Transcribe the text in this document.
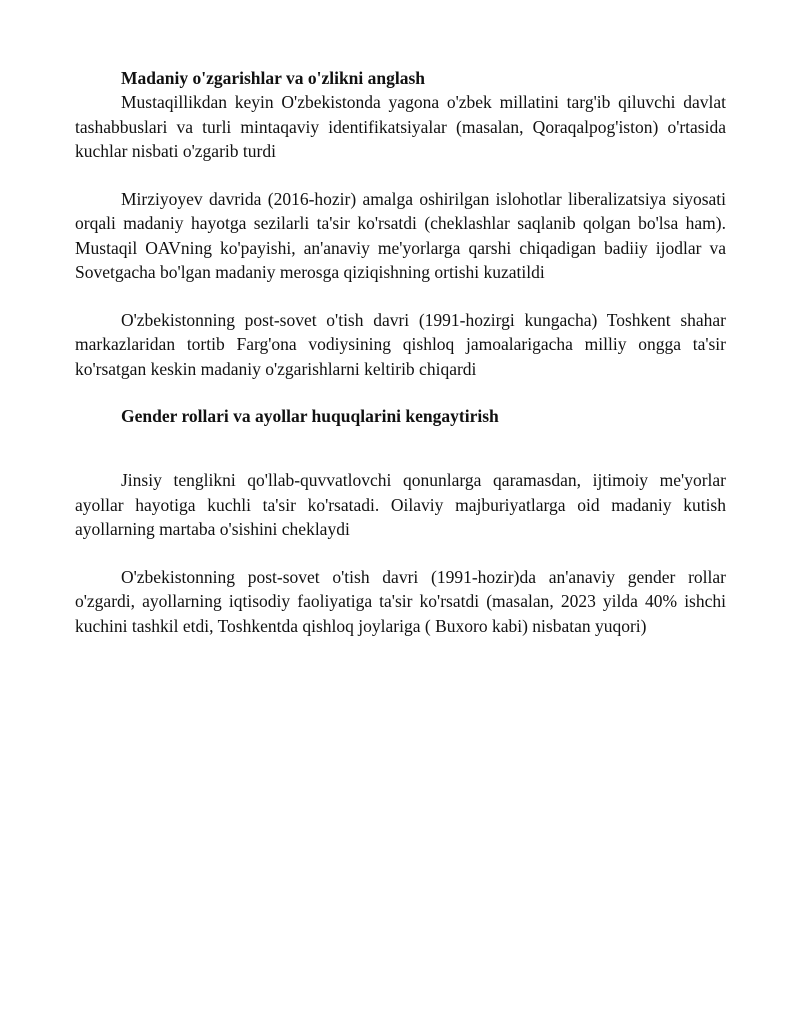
Madaniy o'zgarishlar va o'zlikni anglash

Mustaqillikdan keyin O'zbekistonda yagona o'zbek millatini targ'ib qiluvchi davlat tashabbuslari va turli mintaqaviy identifikatsiyalar (masalan, Qoraqalpog'iston) o'rtasida kuchlar nisbati o'zgarib turdi

Mirziyoyev davrida (2016-hozir) amalga oshirilgan islohotlar liberalizatsiya siyosati orqali madaniy hayotga sezilarli ta'sir ko'rsatdi (cheklashlar saqlanib qolgan bo'lsa ham). Mustaqil OAVning ko'payishi, an'anaviy me'yorlarga qarshi chiqadigan badiiy ijodlar va Sovetgacha bo'lgan madaniy merosga qiziqishning ortishi kuzatildi

O'zbekistonning post-sovet o'tish davri (1991-hozirgi kungacha) Toshkent shahar markazlaridan tortib Farg'ona vodiysining qishloq jamoalarigacha milliy ongga ta'sir ko'rsatgan keskin madaniy o'zgarishlarni keltirib chiqardi

Gender rollari va ayollar huquqlarini kengaytirish

Jinsiy tenglikni qo'llab-quvvatlovchi qonunlarga qaramasdan, ijtimoiy me'yorlar ayollar hayotiga kuchli ta'sir ko'rsatadi. Oilaviy majburiyatlarga oid madaniy kutish ayollarning martaba o'sishini cheklaydi

O'zbekistonning post-sovet o'tish davri (1991-hozir)da an'anaviy gender rollar o'zgardi, ayollarning iqtisodiy faoliyatiga ta'sir ko'rsatdi (masalan, 2023 yilda 40% ishchi kuchini tashkil etdi, Toshkentda qishloq joylariga ( Buxoro kabi) nisbatan yuqori)
